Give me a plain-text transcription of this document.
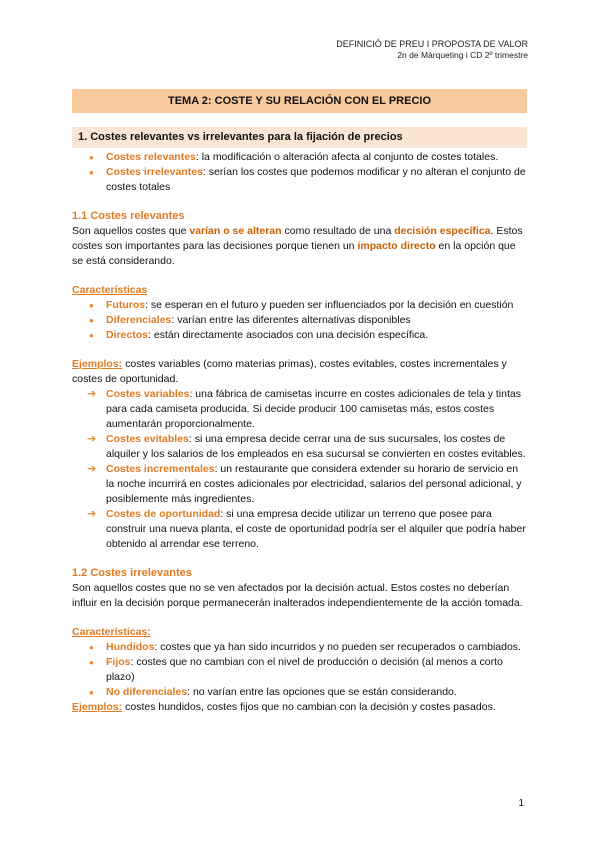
DEFINICIÓ DE PREU I PROPOSTA DE VALOR
2n de Màrqueting i CD 2º trimestre
TEMA 2: COSTE Y SU RELACIÓN CON EL PRECIO
1. Costes relevantes vs irrelevantes para la fijación de precios
● Costes relevantes: la modificación o alteración afecta al conjunto de costes totales.
● Costes irrelevantes: serían los costes que podemos modificar y no alteran el conjunto de costes totales

1.1 Costes relevantes

Son aquellos costes que varían o se alteran como resultado de una decisión específica. Estos costes son importantes para las decisiones porque tienen un impacto directo en la opción que se está considerando.

Características

● Futuros: se esperan en el futuro y pueden ser influenciados por la decisión en cuestión
● Diferenciales: varían entre las diferentes alternativas disponibles
● Directos: están directamente asociados con una decisión específica.

Ejemplos: costes variables (como materias primas), costes evitables, costes incrementales y costes de oportunidad.

➔ Costes variables: una fábrica de camisetas incurre en costes adicionales de tela y tintas para cada camiseta producida. Si decide producir 100 camisetas más, estos costes aumentarán proporcionalmente.
➔ Costes evitables: si una empresa decide cerrar una de sus sucursales, los costes de alquiler y los salarios de los empleados en esa sucursal se convierten en costes evitables.
➔ Costes incrementales: un restaurante que considera extender su horario de servicio en la noche incurrirá en costes adicionales por electricidad, salarios del personal adicional, y posiblemente más ingredientes.
➔ Costes de oportunidad: si una empresa decide utilizar un terreno que posee para construir una nueva planta, el coste de oportunidad podría ser el alquiler que podría haber obtenido al arrendar ese terreno.

1.2 Costes irrelevantes

Son aquellos costes que no se ven afectados por la decisión actual. Estos costes no deberían influir en la decisión porque permanecerán inalterados independientemente de la acción tomada.

Características:

● Hundidos: costes que ya han sido incurridos y no pueden ser recuperados o cambiados.
● Fijos: costes que no cambian con el nivel de producción o decisión (al menos a corto plazo)
● No diferenciales: no varían entre las opciones que se están considerando.

Ejemplos: costes hundidos, costes fijos que no cambian con la decisión y costes pasados.

1
